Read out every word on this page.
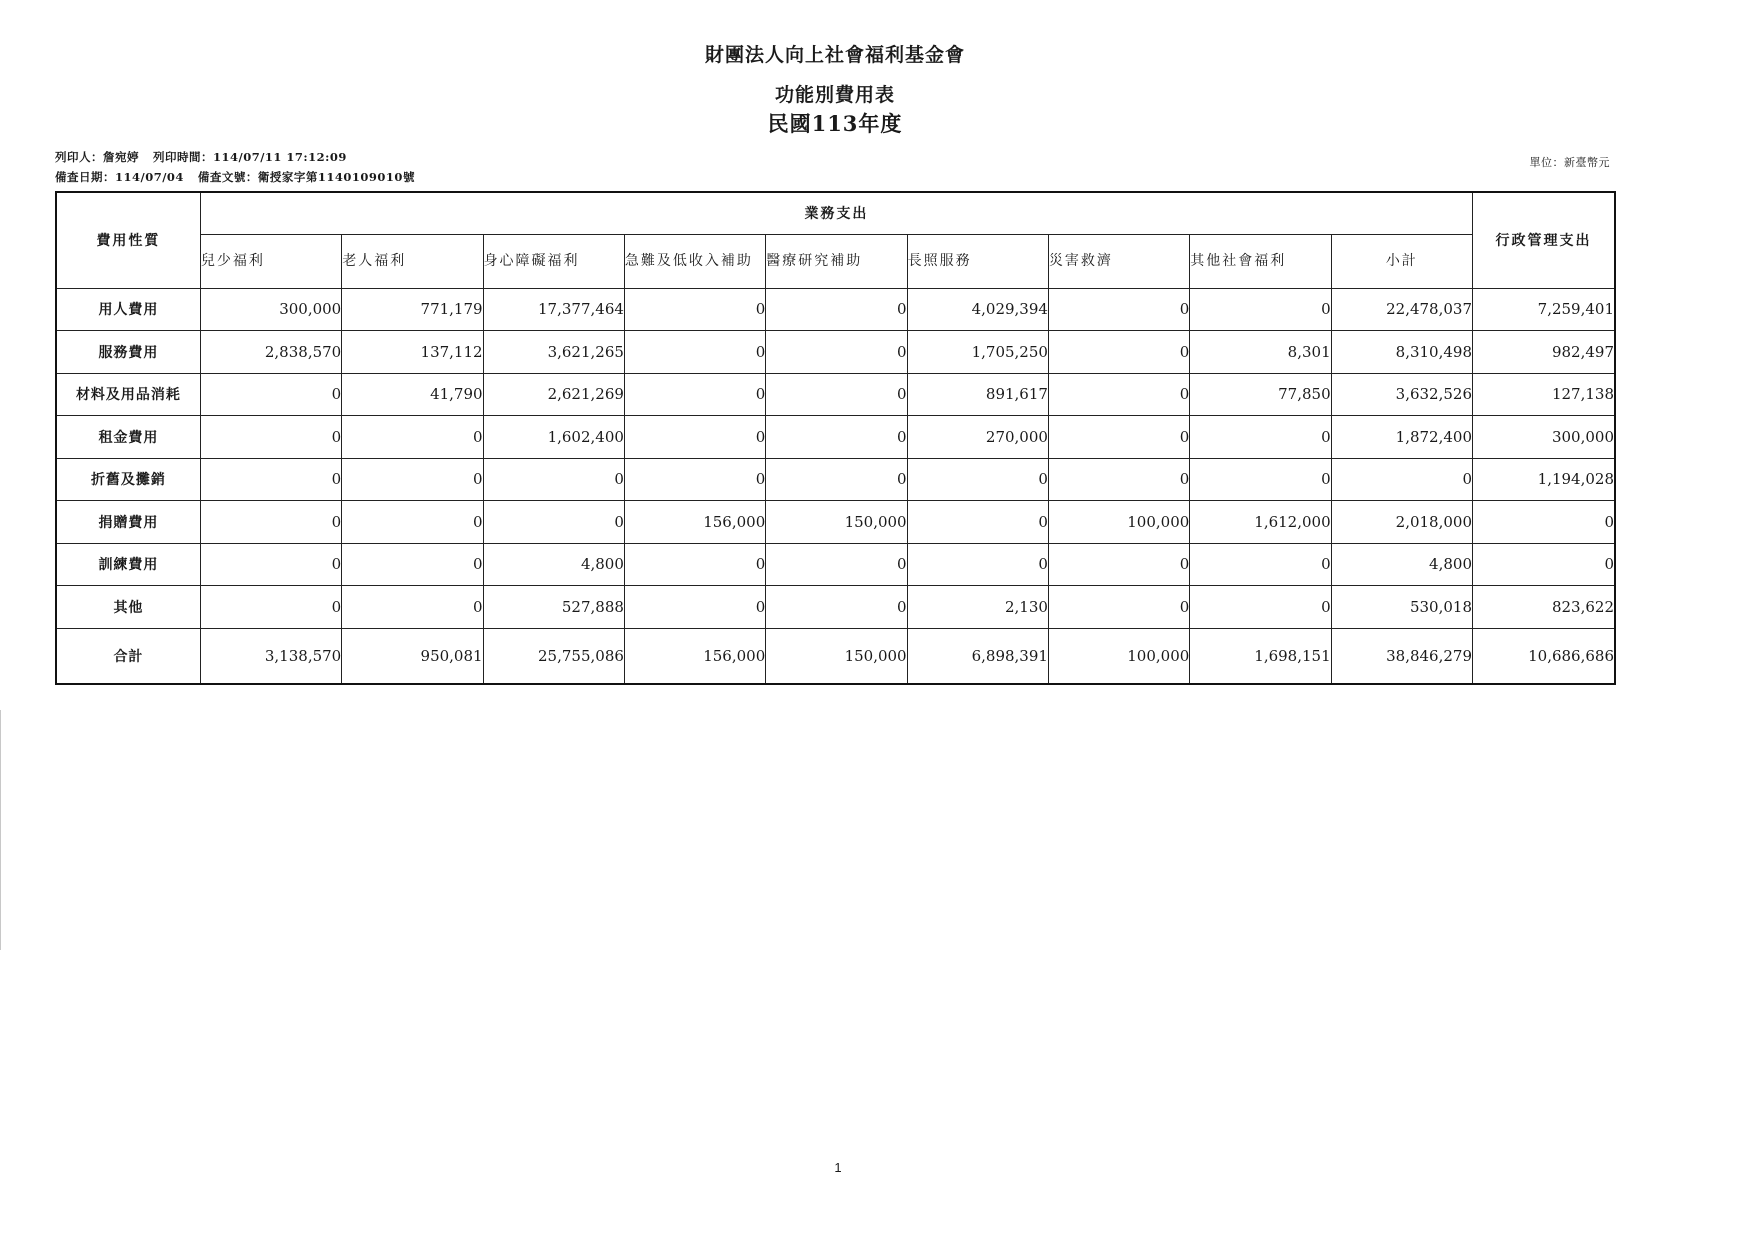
財團法人向上社會福利基金會
功能別費用表
民國113年度
列印人：詹宛婷 列印時間：114/07/11 17:12:09
備查日期：114/07/04 備查文號：衛授家字第1140109010號
單位：新臺幣元
費用性質	業務支出									行政管理支出
	兒少福利	老人福利	身心障礙福利	急難及低收入補助	醫療研究補助	長照服務	災害救濟	其他社會福利	小計	
用人費用	300,000	771,179	17,377,464	0	0	4,029,394	0	0	22,478,037	7,259,401
服務費用	2,838,570	137,112	3,621,265	0	0	1,705,250	0	8,301	8,310,498	982,497
材料及用品消耗	0	41,790	2,621,269	0	0	891,617	0	77,850	3,632,526	127,138
租金費用	0	0	1,602,400	0	0	270,000	0	0	1,872,400	300,000
折舊及攤銷	0	0	0	0	0	0	0	0	0	1,194,028
捐贈費用	0	0	0	156,000	150,000	0	100,000	1,612,000	2,018,000	0
訓練費用	0	0	4,800	0	0	0	0	0	4,800	0
其他	0	0	527,888	0	0	2,130	0	0	530,018	823,622
合計	3,138,570	950,081	25,755,086	156,000	150,000	6,898,391	100,000	1,698,151	38,846,279	10,686,686
1
